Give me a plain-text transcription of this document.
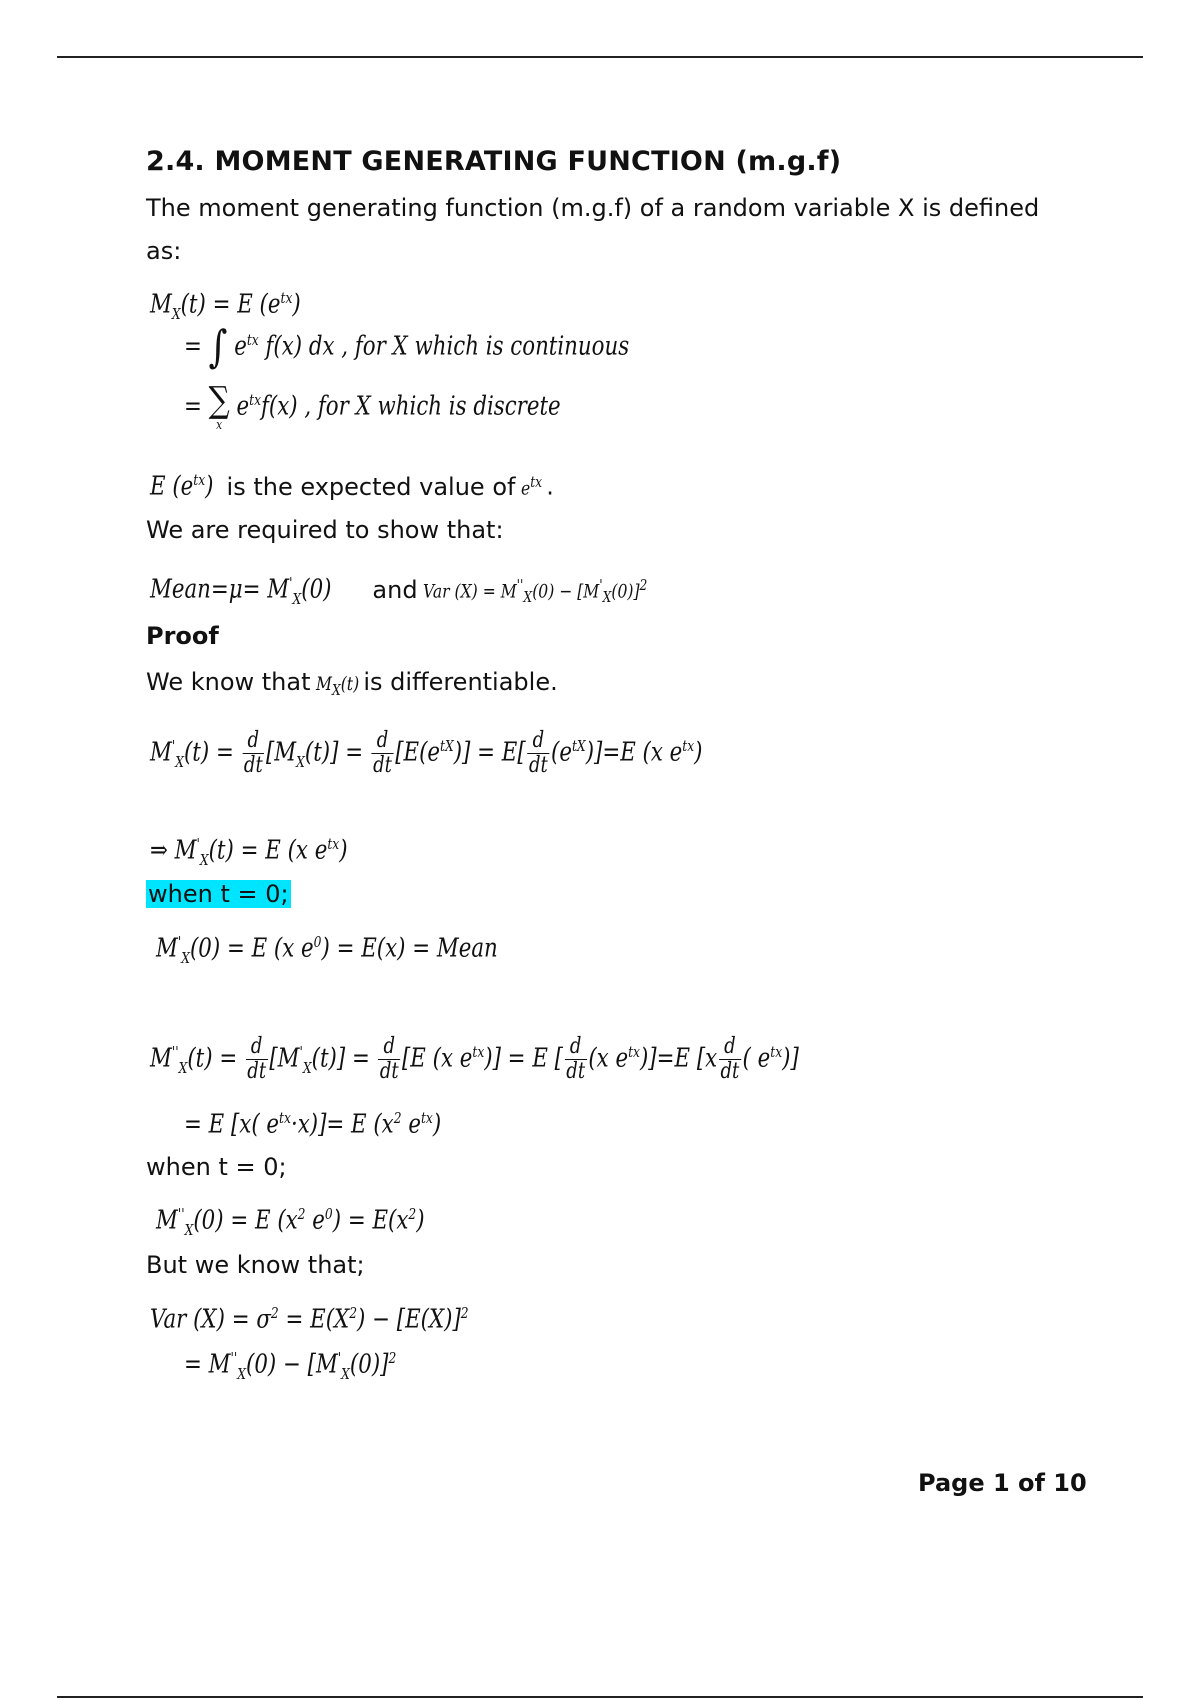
2.4. MOMENT GENERATING FUNCTION (m.g.f)
The moment generating function (m.g.f) of a random variable X is defined
as:
$M_X(t) = E$ $(e^{tx})$
= ∫ $e^{tx}$ f(x) dx , for X which is continuous
= ∑
x
$e^{tx}f(x)$ , for X which is discrete
E $(e^{tx})$ is the expected value of $e^{tx}$ .
We are required to show that:
Mean=μ= $M'_X(0)$ and Var $(X) = M''_X(0) - [M'_X(0)]^2$
Proof
We know that $M_X(t)$ is differentiable.
$M'_X(t) = \frac{d}{dt} [M_X(t)] = \frac{d}{dt} [E(e^{tX})] = E[ \frac{d}{dt} (e^{tX})]=E$ (x $e^{tx}$)
⇒ $M'_X(t) = E$ (x $e^{tx}$)
when t = 0;
$M'_X(0) = E$ (x $e^0) = E(x)$ = Mean
$M''_X(t) = \frac{d}{dt} [M'_X(t)] = \frac{d}{dt} [E$ (x $e^{tx})] = E$ [ $\frac{d}{dt} (x$ $e^{tx})]=E$ [$x \frac{d}{dt}$ ( $e^{tx}$)]
= E [x( $e^{tx}\cdot x)]= E$ ($x^2$ $e^{tx}$)
when t = 0;
$M''_X(0) = E$ ($x^2$ $e^0) = E(x^2)$
But we know that;
Var $(X) = \sigma^2 = E(X^2) - [E(X)]^2$
= $M''_X(0) - [M'_X(0)]^2$
Page 1 of 10
